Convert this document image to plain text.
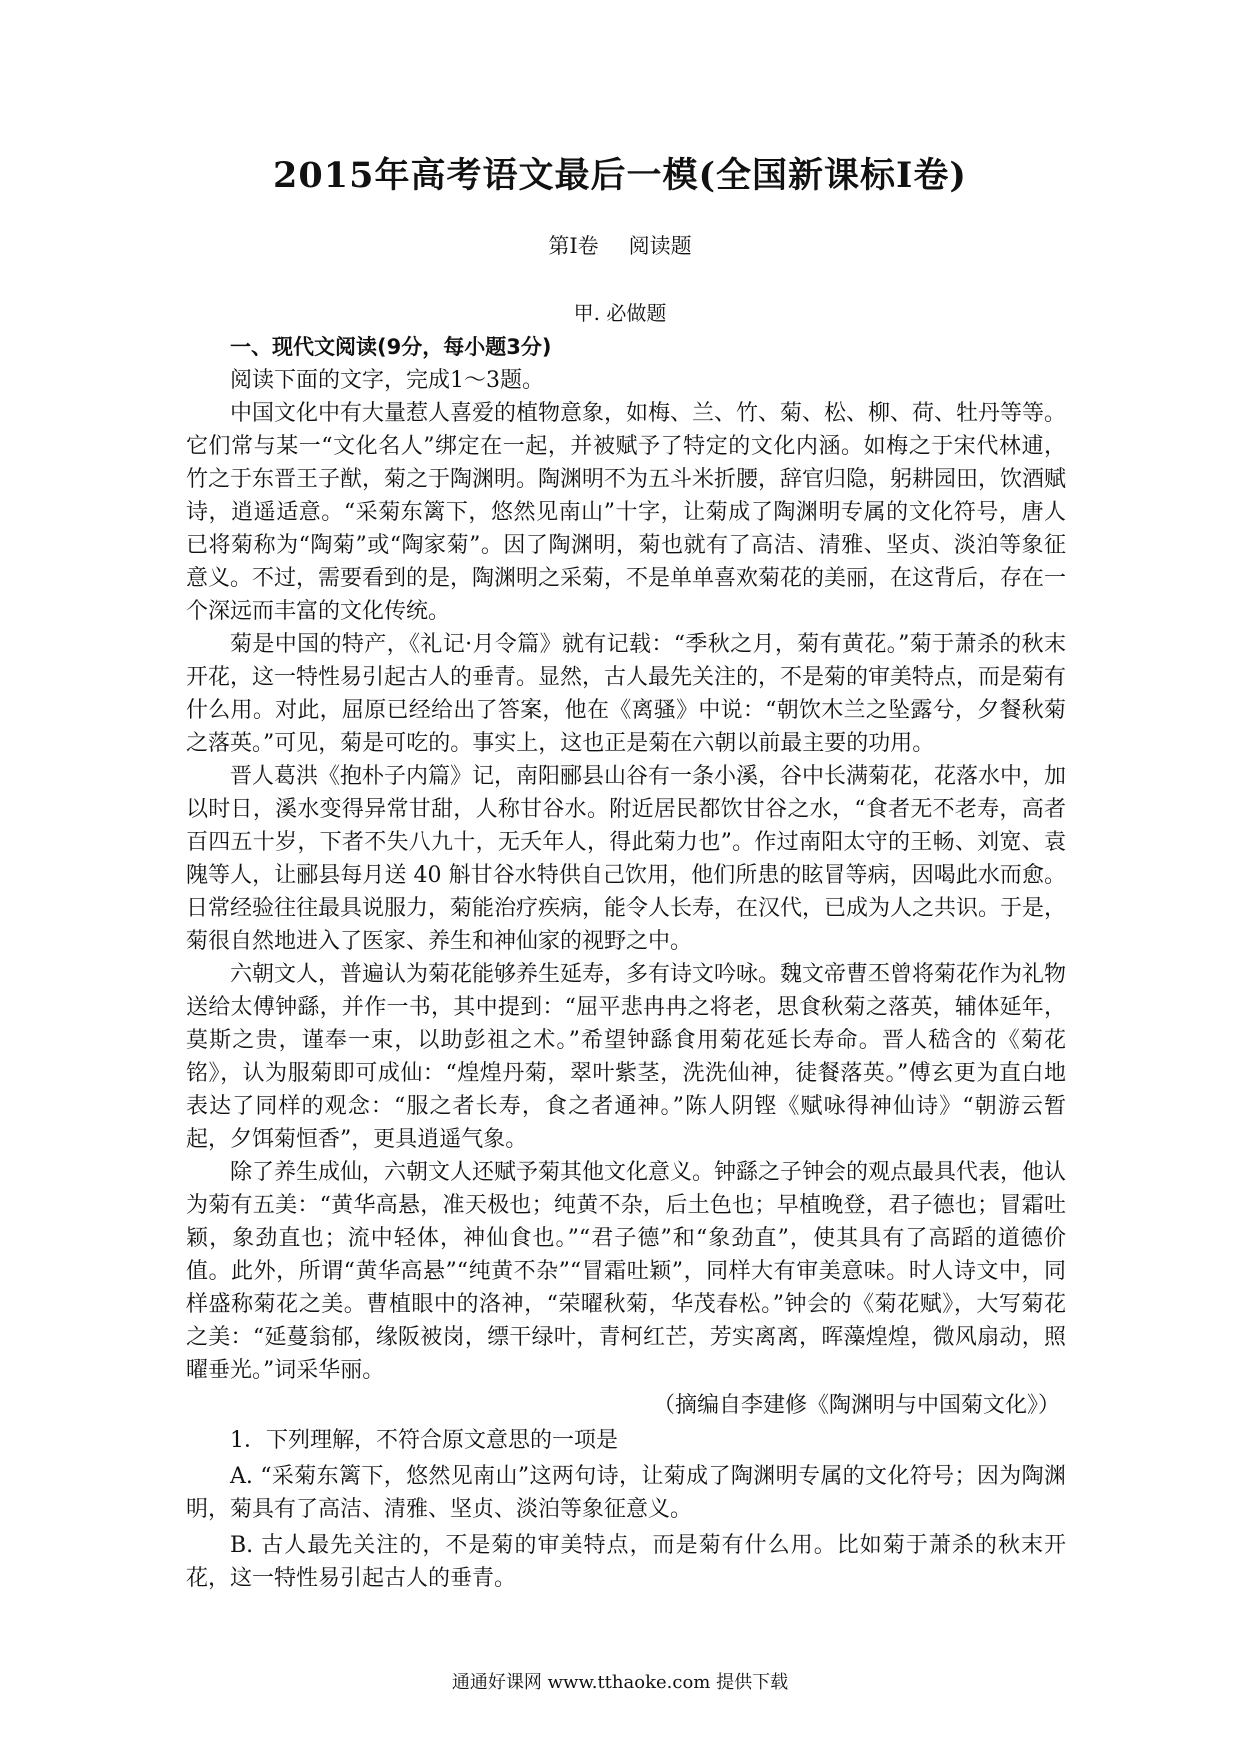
2015年高考语文最后一模(全国新课标Ⅰ卷)
第Ⅰ卷 阅读题
甲. 必做题

一、现代文阅读(9分，每小题3分)

阅读下面的文字，完成1～3题。

中国文化中有大量惹人喜爱的植物意象，如梅、兰、竹、菊、松、柳、荷、牡丹等等。它们常与某一“文化名人”绑定在一起，并被赋予了特定的文化内涵。如梅之于宋代林逋，竹之于东晋王子猷，菊之于陶渊明。陶渊明不为五斗米折腰，辞官归隐，躬耕园田，饮酒赋诗，逍遥适意。“采菊东篱下，悠然见南山”十字，让菊成了陶渊明专属的文化符号，唐人已将菊称为“陶菊”或“陶家菊”。因了陶渊明，菊也就有了高洁、清雅、坚贞、淡泊等象征意义。不过，需要看到的是，陶渊明之采菊，不是单单喜欢菊花的美丽，在这背后，存在一个深远而丰富的文化传统。

菊是中国的特产，《礼记·月令篇》就有记载：“季秋之月，菊有黄花。”菊于萧杀的秋末开花，这一特性易引起古人的垂青。显然，古人最先关注的，不是菊的审美特点，而是菊有什么用。对此，屈原已经给出了答案，他在《离骚》中说：“朝饮木兰之坠露兮，夕餐秋菊之落英。”可见，菊是可吃的。事实上，这也正是菊在六朝以前最主要的功用。

晋人葛洪《抱朴子内篇》记，南阳郦县山谷有一条小溪，谷中长满菊花，花落水中，加以时日，溪水变得异常甘甜，人称甘谷水。附近居民都饮甘谷之水，“食者无不老寿，高者百四五十岁，下者不失八九十，无夭年人，得此菊力也”。作过南阳太守的王畅、刘宽、袁隗等人，让郦县每月送 40 斛甘谷水特供自己饮用，他们所患的眩冒等病，因喝此水而愈。日常经验往往最具说服力，菊能治疗疾病，能令人长寿，在汉代，已成为人之共识。于是，菊很自然地进入了医家、养生和神仙家的视野之中。

六朝文人，普遍认为菊花能够养生延寿，多有诗文吟咏。魏文帝曹丕曾将菊花作为礼物送给太傅钟繇，并作一书，其中提到：“屈平悲冉冉之将老，思食秋菊之落英，辅体延年，莫斯之贵，谨奉一束，以助彭祖之术。”希望钟繇食用菊花延长寿命。晋人嵇含的《菊花铭》，认为服菊即可成仙：“煌煌丹菊，翠叶紫茎，洗洗仙神，徒餐落英。”傅玄更为直白地表达了同样的观念：“服之者长寿，食之者通神。”陈人阴铿《赋咏得神仙诗》“朝游云暂起，夕饵菊恒香”，更具逍遥气象。

除了养生成仙，六朝文人还赋予菊其他文化意义。钟繇之子钟会的观点最具代表，他认为菊有五美：“黄华高悬，准天极也；纯黄不杂，后土色也；早植晚登，君子德也；冒霜吐颖，象劲直也；流中轻体，神仙食也。”“君子德”和“象劲直”，使其具有了高蹈的道德价值。此外，所谓“黄华高悬”“纯黄不杂”“冒霜吐颖”，同样大有审美意味。时人诗文中，同样盛称菊花之美。曹植眼中的洛神，“荣曜秋菊，华茂春松。”钟会的《菊花赋》，大写菊花之美：“延蔓翁郁，缘阪被岗，缥干绿叶，青柯红芒，芳实离离，晖藻煌煌，微风扇动，照曜垂光。”词采华丽。

（摘编自李建修《陶渊明与中国菊文化》）

1．下列理解，不符合原文意思的一项是

A. “采菊东篱下，悠然见南山”这两句诗，让菊成了陶渊明专属的文化符号；因为陶渊明，菊具有了高洁、清雅、坚贞、淡泊等象征意义。

B. 古人最先关注的，不是菊的审美特点，而是菊有什么用。比如菊于萧杀的秋末开花，这一特性易引起古人的垂青。

通通好课网 www.tthaoke.com 提供下载
